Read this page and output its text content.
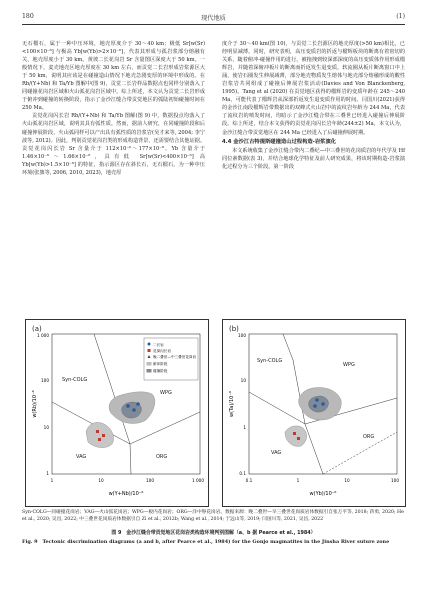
180	现代地质	(1)

无石榴石，属于一种中压环境，地壳厚度介于 30～40 km；极低 Sr[w(Sr)<100×10⁻⁶] 与极高 Yb[w(Yb)>2×10⁻⁶]，代表其形成与孤岩浆部分熔融有关，地壳厚度小于 30 km。黄坡二长花岗岩 Sr 含量图区深度大于 50 km。一般情况下，麦壳地壳区地壳厚度在 30 km 左右，而贡觉二长岩形成岩浆源区大于 50 km，说明其应该是在碰撞造山情况下地壳急剧变厚的环境中形成的。在 Rb/(Y+Nb) 和 Ta/Yb 图解中(图 9)，贡觉二长岩样品数据点也同样分别落入了同碰撞花岗岩区域和火山弧花岗岩区域中。综上所述，本文认为贡觉二长岩形成于俯冲到碰撞的转换阶段，指示了金沙江缝合带贡觉地区的弧陆初始碰撞时间在 250 Ma。

贡觉花岗闪长岩 Rb/(Y+Nb) 和 Ta/Yb 图解(图 9) 中，数据投点均落入了火山弧花岗岩区域，说明其具有弧性质。然而，据前人研究，在同碰撞阶段和后碰撞伸展阶段，火山弧同样可以产出具有弧性质的岩浆岩(吴才来等, 2004; 李宁波等, 2012)。因此，判别贡觉花岗岩类的形成构造背景，还需要结合其他证据。贡觉花岗闪长岩 Sr 含量介于 112×10⁻⁶～177×10⁻⁶，Yb 含量介于 1.46×10⁻⁶～1.66×10⁻⁶，具有低 Sr[w(Sr)<400×10⁻⁶] 高 Yb[w(Yb)>1.5×10⁻⁶] 的特征，指示源区存在斜长石，无石榴石，为一种中压环境(张旗等, 2006, 2010, 2023)，地壳厚

度介于 30～40 km(图 10)，与贡觉二长岩源区的地壳厚度(>50 km)相比，已经明显减薄。同时，研究表明，高压变质岩的折返与榴辉板块的断离有着密切的关系，随着俯冲-碰撞作用的进行，被拖拽到较深部深度的高压变质体作用形成榴辉岩，并随着深俯冲板片的断离而折返发生退变质，软流圈从板片断离窗口中上涌，使岩石圈发生伸展减薄，部分地壳物质发生熔体与地壳部分熔融形成的酸性岩浆岩共同组成了碰撞后伸展岩浆活动(Davies and Von Blanckenberg, 1995)。Tang et al (2020) 在贡觉地区获得的榴辉岩的变质年龄在 245～240 Ma，可能代表了榴辉岩从深部折返发生退变质作用的时间。闫国川(2021)获得的金沙江南段榴辉岩带数据出的双峰式火山岩中的流纹岩年龄为 244 Ma，代表了流纹岩的喷发时间，均暗示了金沙江缝合带在三叠世已经进入碰撞后伸展阶段。综上所述，结合本文获得的贡觉花岗闪长岩年龄(244±2) Ma，本文认为，金沙江缝合带贡觉地区在 244 Ma 已经进入了后碰撞伸展时期。

4.4 金沙江古特提斯碰撞造山过程构造-岩浆演化

本文系统收集了金沙江缝合带内二叠纪—中三叠世的花岗质岩的年代学及 Hf 同位素数据(表 3)，并结合地球化学特征及前人研究成果，将该时期构造-岩浆演化过程分为三个阶段。第一阶段

(a)
Syn-COLG
WPG
VAG	ORG
二长岩
花岗闪长岩
晚二叠世—中三叠世花岗岩
俯冲阶段
碰撞阶段
1	10	100	1 000
1
10
100
1 000
w(Y+Nb)/10⁻⁶
w(Rb)/10⁻⁶
(b)
Syn-COLG
WPG
VAG
ORG
0.1	1	10	100
0.1
1
10
100
w(Yb)/10⁻⁶
w(Ta)/10⁻⁶
Syn-COLG—同碰撞花岗岩；VAG—火山弧花岗岩；WPG—板内花岗岩；ORG—洋中脊花岗岩。数据来源：晚二叠世—早三叠世花岗质岩体数据引自张万平等, 2018; 蒋勇, 2020; He et al., 2020; 吴昌, 2022; 中三叠世花岗质岩体数据引自 Zi et al., 2012b; Wang et al., 2014; 于远山等, 2019; 闫国川等, 2021, 吴昌, 2022
图 9　金沙江缝合带贡觉地区花岗岩类构造环境判别图解（a、b 据 Pearce et al., 1984）
Fig. 9　Tectonic discrimination diagrams (a and b, after Pearce et al., 1984) for the Gonjo magmatites in the Jinsha River suture zone
